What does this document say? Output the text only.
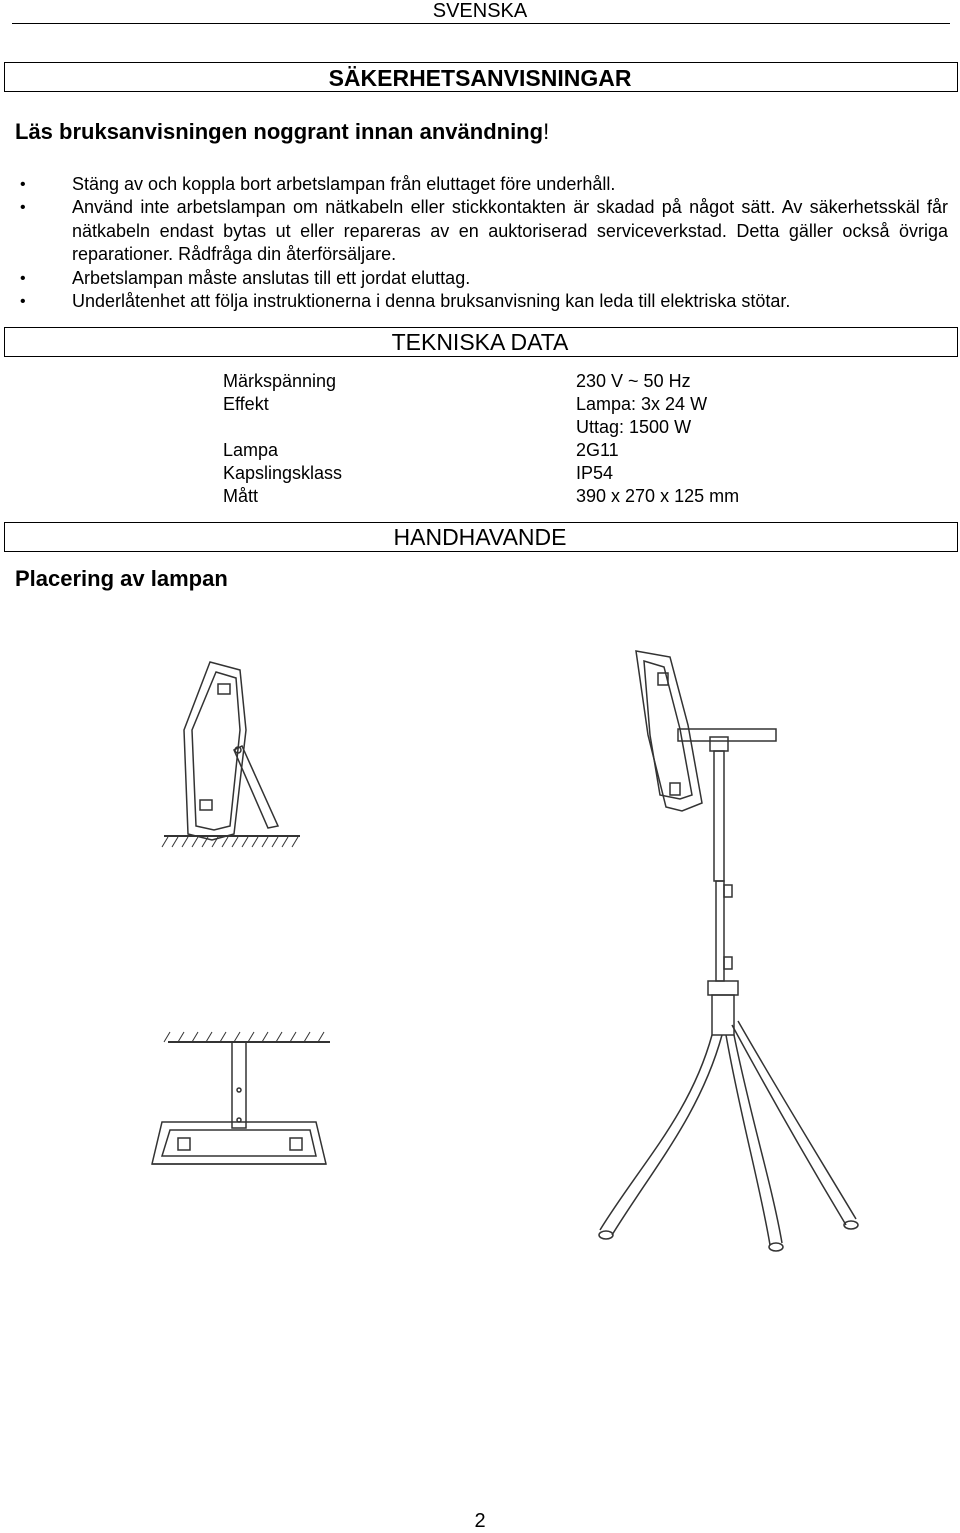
SVENSKA
SÄKERHETSANVISNINGAR
Läs bruksanvisningen noggrant innan användning!
• Stäng av och koppla bort arbetslampan från eluttaget före underhåll.
• Använd inte arbetslampan om nätkabeln eller stickkontakten är skadad på något sätt. Av säkerhetsskäl får nätkabeln endast bytas ut eller repareras av en auktoriserad serviceverkstad. Detta gäller också övriga reparationer. Rådfråga din återförsäljare.
• Arbetslampan måste anslutas till ett jordat eluttag.
• Underlåtenhet att följa instruktionerna i denna bruksanvisning kan leda till elektriska stötar.
TEKNISKA DATA
Märkspänning	230 V ~ 50 Hz
Effekt	Lampa: 3x 24 W
Uttag: 1500 W
Lampa	2G11
Kapslingsklass	IP54
Mått	390 x 270 x 125 mm
HANDHAVANDE
Placering av lampan
2
